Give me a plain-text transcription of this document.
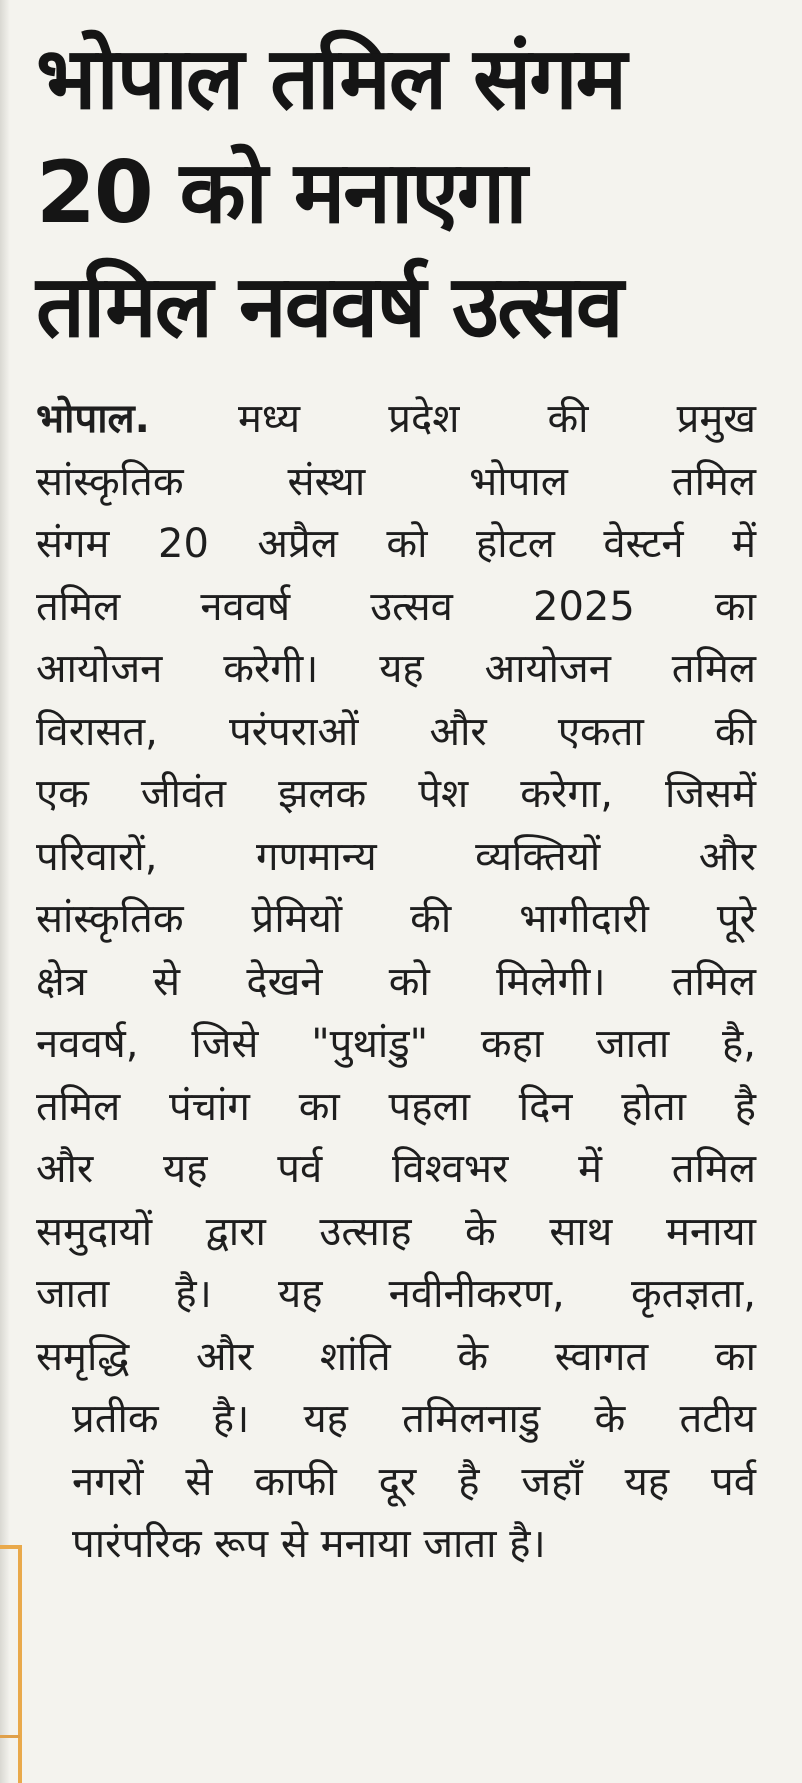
भोपाल तमिल संगम
20 को मनाएगा
तमिल नववर्ष उत्सव
भोपाल. मध्य प्रदेश की प्रमुख
सांस्कृतिक संस्था भोपाल तमिल
संगम 20 अप्रैल को होटल वेस्टर्न में
तमिल नववर्ष उत्सव 2025 का
आयोजन करेगी। यह आयोजन तमिल
विरासत, परंपराओं और एकता की
एक जीवंत झलक पेश करेगा, जिसमें
परिवारों, गणमान्य व्यक्तियों और
सांस्कृतिक प्रेमियों की भागीदारी पूरे
क्षेत्र से देखने को मिलेगी। तमिल
नववर्ष, जिसे "पुथांडु" कहा जाता है,
तमिल पंचांग का पहला दिन होता है
और यह पर्व विश्वभर में तमिल
समुदायों द्वारा उत्साह के साथ मनाया
जाता है। यह नवीनीकरण, कृतज्ञता,
समृद्धि और शांति के स्वागत का
प्रतीक है। यह तमिलनाडु के तटीय
नगरों से काफी दूर है जहाँ यह पर्व
पारंपरिक रूप से मनाया जाता है।
